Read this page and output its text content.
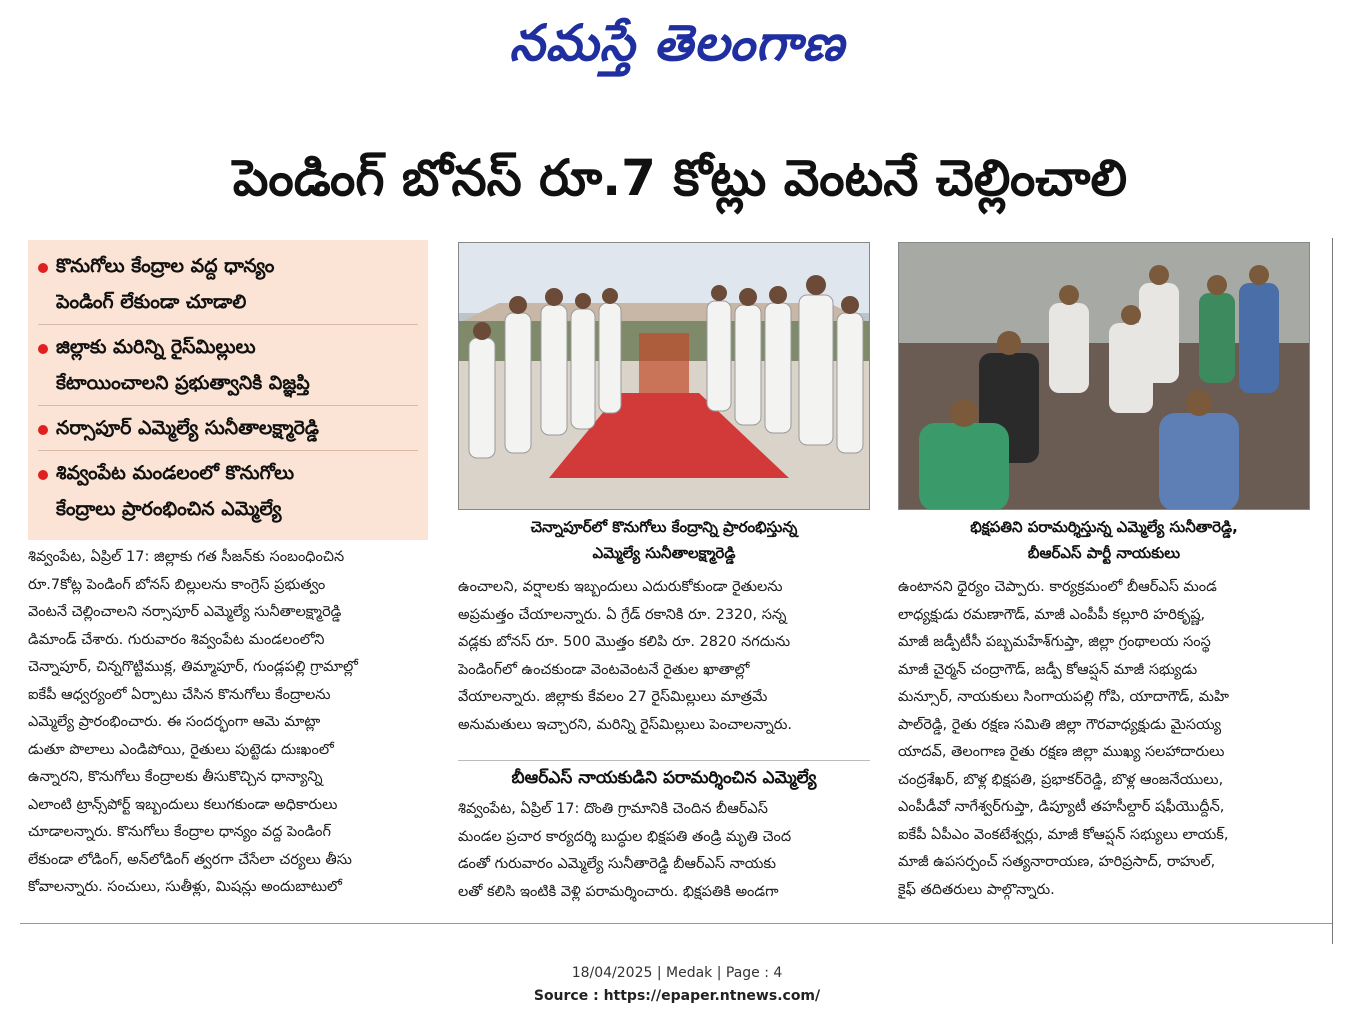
నమస్తే తెలంగాణ
పెండింగ్ బోనస్ రూ.7 కోట్లు వెంటనే చెల్లించాలి
కొనుగోలు కేంద్రాల వద్ద ధాన్యం
పెండింగ్ లేకుండా చూడాలి
జిల్లాకు మరిన్ని రైస్‌మిల్లులు
కేటాయించాలని ప్రభుత్వానికి విజ్ఞప్తి
నర్సాపూర్ ఎమ్మెల్యే సునీతాలక్ష్మారెడ్డి
శివ్వంపేట మండలంలో కొనుగోలు
కేంద్రాలు ప్రారంభించిన ఎమ్మెల్యే
చెన్నాపూర్‌లో కొనుగోలు కేంద్రాన్ని ప్రారంభిస్తున్న
ఎమ్మెల్యే సునీతాలక్ష్మారెడ్డి
భిక్షపతిని పరామర్శిస్తున్న ఎమ్మెల్యే సునీతారెడ్డి,
బీఆర్‌ఎస్ పార్టీ నాయకులు
శివ్వంపేట, ఏప్రిల్ 17: జిల్లాకు గత సీజన్‌కు సంబంధించిన
రూ.7కోట్ల పెండింగ్ బోనస్ బిల్లులను కాంగ్రెస్ ప్రభుత్వం
వెంటనే చెల్లించాలని నర్సాపూర్ ఎమ్మెల్యే సునీతాలక్ష్మారెడ్డి
డిమాండ్ చేశారు. గురువారం శివ్వంపేట మండలంలోని
చెన్నాపూర్, చిన్నగొట్టిముక్ల, తిమ్మాపూర్, గుండ్లపల్లి గ్రామాల్లో
ఐకేపీ ఆధ్వర్యంలో ఏర్పాటు చేసిన కొనుగోలు కేంద్రాలను
ఎమ్మెల్యే ప్రారంభించారు. ఈ సందర్భంగా ఆమె మాట్లా
డుతూ పొలాలు ఎండిపోయి, రైతులు పుట్టెడు దుఃఖంలో
ఉన్నారని, కొనుగోలు కేంద్రాలకు తీసుకొచ్చిన ధాన్యాన్ని
ఎలాంటి ట్రాన్స్‌పోర్ట్ ఇబ్బందులు కలుగకుండా అధికారులు
చూడాలన్నారు. కొనుగోలు కేంద్రాల ధాన్యం వద్ద పెండింగ్
లేకుండా లోడింగ్, అన్‌లోడింగ్ త్వరగా చేసేలా చర్యలు తీసు
కోవాలన్నారు. సంచులు, సుతీళ్లు, మిషన్లు అందుబాటులో
ఉంచాలని, వర్షాలకు ఇబ్బందులు ఎదురుకోకుండా రైతులను
అప్రమత్తం చేయాలన్నారు. ఏ గ్రేడ్ రకానికి రూ. 2320, సన్న
వడ్లకు బోనస్ రూ. 500 మొత్తం కలిపి రూ. 2820 నగదును
పెండింగ్‌లో ఉంచకుండా వెంటవెంటనే రైతుల ఖాతాల్లో
వేయాలన్నారు. జిల్లాకు కేవలం 27 రైస్‌మిల్లులు మాత్రమే
అనుమతులు ఇచ్చారని, మరిన్ని రైస్‌మిల్లులు పెంచాలన్నారు.
బీఆర్‌ఎస్ నాయకుడిని పరామర్శించిన ఎమ్మెల్యే
శివ్వంపేట, ఏప్రిల్ 17: దొంతి గ్రామానికి చెందిన బీఆర్‌ఎస్
మండల ప్రచార కార్యదర్శి బుద్ధుల భిక్షపతి తండ్రి మృతి చెంద
డంతో గురువారం ఎమ్మెల్యే సునీతారెడ్డి బీఆర్‌ఎస్ నాయకు
లతో కలిసి ఇంటికి వెళ్లి పరామర్శించారు. భిక్షపతికి అండగా
ఉంటానని ధైర్యం చెప్పారు. కార్యక్రమంలో బీఆర్‌ఎస్ మండ
లాధ్యక్షుడు రమణాగౌడ్, మాజీ ఎంపీపీ కల్లూరి హరికృష్ణ,
మాజీ జడ్పీటీసీ పబ్బమహేశ్‌గుప్తా, జిల్లా గ్రంథాలయ సంస్థ
మాజీ చైర్మన్ చంద్రాగౌడ్, జడ్పీ కోఆప్షన్ మాజీ సభ్యుడు
మన్సూర్, నాయకులు సింగాయపల్లి గోపి, యాదాగౌడ్, మహి
పాల్‌రెడ్డి, రైతు రక్షణ సమితి జిల్లా గౌరవాధ్యక్షుడు మైసయ్య
యాదవ్, తెలంగాణ రైతు రక్షణ జిల్లా ముఖ్య సలహాదారులు
చంద్రశేఖర్, బొళ్ల భిక్షపతి, ప్రభాకర్‌రెడ్డి, బొళ్ల ఆంజనేయులు,
ఎంపీడీవో నాగేశ్వర్‌గుప్తా, డిప్యూటీ తహసీల్దార్ షఫీయొద్దీన్,
ఐకేపీ ఏపీఎం వెంకటేశ్వర్లు, మాజీ కోఆప్షన్ సభ్యులు లాయక్,
మాజీ ఉపసర్పంచ్ సత్యనారాయణ, హరిప్రసాద్, రాహుల్,
కైఫ్ తదితరులు పాల్గొన్నారు.
18/04/2025 | Medak | Page : 4
Source : https://epaper.ntnews.com/
